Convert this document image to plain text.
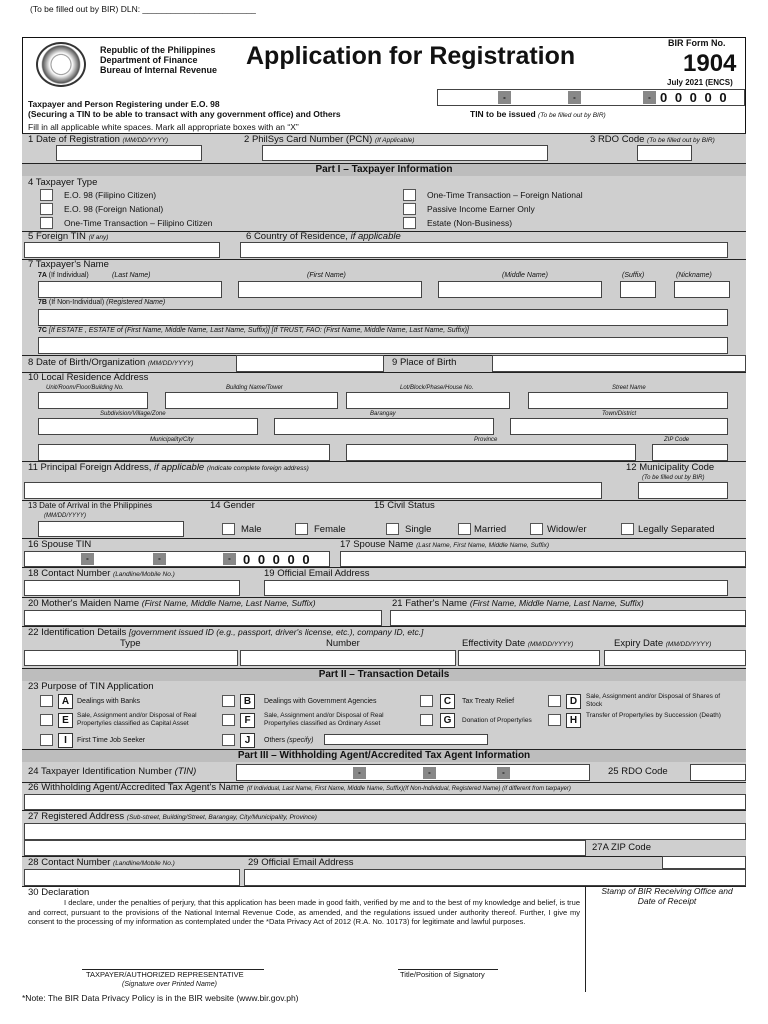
(To be filled out by BIR) DLN: ________________________
Republic of the Philippines
Department of Finance
Bureau of Internal Revenue Application for Registration	BIR Form No.
1904
July 2021 (ENCS)
Taxpayer and Person Registering under E.O. 98
(Securing a TIN to be able to transact with any government office) and Others
-	-	- 0 0 0 0 0
TIN to be issued (To be filled out by BIR)
Fill in all applicable white spaces. Mark all appropriate boxes with an “X”
1 Date of Registration (MM/DD/YYYY)	2 PhilSys Card Number (PCN) (If Applicable)	3 RDO Code (To be filled out by BIR)
Part I – Taxpayer Information
4 Taxpayer Type
E.O. 98 (Filipino Citizen)
E.O. 98 (Foreign National)
One-Time Transaction – Filipino Citizen
One-Time Transaction – Foreign National
Passive Income Earner Only
Estate (Non-Business)
5 Foreign TIN (if any)	6 Country of Residence, if applicable
7 Taxpayer's Name
7A (If Individual)	(Last Name)	(First Name)	(Middle Name)	(Suffix)	(Nickname)
7B (If Non-Individual) (Registered Name)
7C [If ESTATE , ESTATE of (First Name, Middle Name, Last Name, Suffix)] [If TRUST, FAO: (First Name, Middle Name, Last Name, Suffix)]
8 Date of Birth/Organization (MM/DD/YYYY)	9 Place of Birth
10 Local Residence Address
Unit/Room/Floor/Building No.	Building Name/Tower	Lot/Block/Phase/House No.	Street Name
Subdivision/Village/Zone	Barangay	Town/District
Municipality/City	Province	ZIP Code
11 Principal Foreign Address, if applicable (Indicate complete foreign address)	12 Municipality Code
(To be filled out by BIR)
13 Date of Arrival in the Philippines
(MM/DD/YYYY)
14 Gender
Male	Female
15 Civil Status
Single	Married	Widow/er	Legally Separated
16 Spouse TIN
-	-	- 0 0 0 0 0
17 Spouse Name (Last Name, First Name, Middle Name, Suffix)
18 Contact Number (Landline/Mobile No.)	19 Official Email Address
20 Mother's Maiden Name (First Name, Middle Name, Last Name, Suffix)	21 Father's Name (First Name, Middle Name, Last Name, Suffix)
22 Identification Details [government issued ID (e.g., passport, driver's license, etc.), company ID, etc.]
Type	Number	Effectivity Date (MM/DD/YYYY)	Expiry Date (MM/DD/YYYY)
Part II – Transaction Details
23 Purpose of TIN Application
A	Dealings with Banks
E	Sale, Assignment and/or Disposal of Real Property/ies classified as Capital Asset
I	First Time Job Seeker
B	Dealings with Government Agencies
F	Sale, Assignment and/or Disposal of Real Property/ies classified as Ordinary Asset
J	Others (specify)
C	Tax Treaty Relief
G	Donation of Property/ies
D	Sale, Assignment and/or Disposal of Shares of Stock
H	Transfer of Property/ies by Succession (Death)
Part III – Withholding Agent/Accredited Tax Agent Information
24 Taxpayer Identification Number (TIN)	-	-	-	25 RDO Code
26 Withholding Agent/Accredited Tax Agent's Name (If Individual, Last Name, First Name, Middle Name, Suffix)(If Non-Individual, Registered Name) (if different from taxpayer)
27 Registered Address (Sub-street, Building/Street, Barangay, City/Municipality, Province)
27A ZIP Code
28 Contact Number (Landline/Mobile No.)	29 Official Email Address
30 Declaration
I declare, under the penalties of perjury, that this application has been made in good faith, verified by me and to the best of my knowledge and belief, is true and correct, pursuant to the provisions of the National Internal Revenue Code, as amended, and the regulations issued under authority thereof. Further, I give my consent to the processing of my information as contemplated under the *Data Privacy Act of 2012 (R.A. No. 10173) for legitimate and lawful purposes.
TAXPAYER/AUTHORIZED REPRESENTATIVE
(Signature over Printed Name)
Title/Position of Signatory
Stamp of BIR Receiving Office and Date of Receipt
*Note: The BIR Data Privacy Policy is in the BIR website (www.bir.gov.ph)
